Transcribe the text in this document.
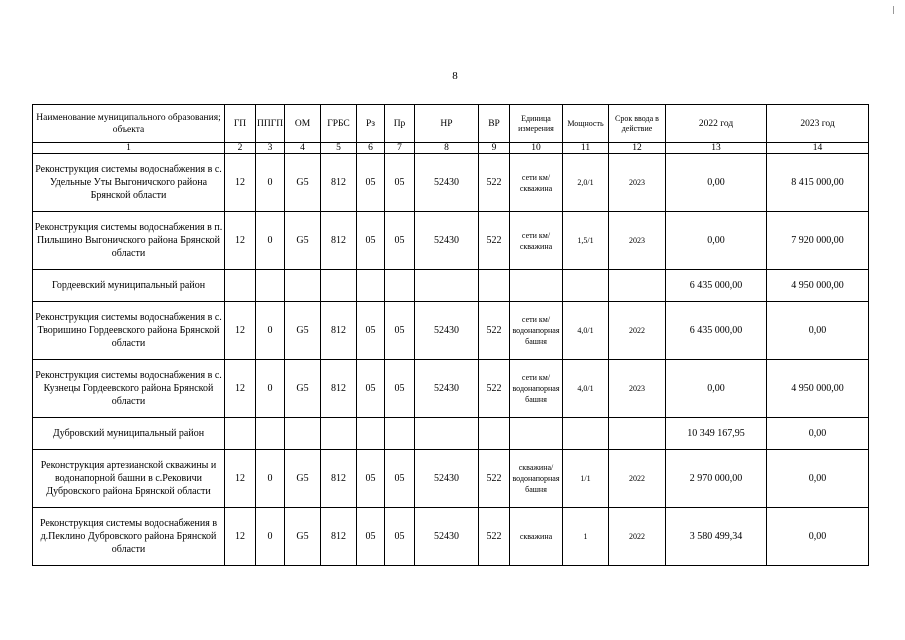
8
Наименование муниципального образования; объекта	ГП	ППГП	ОМ	ГРБС	Рз	Пр	НР	ВР	Единица измерения	Мощность	Срок ввода в действие	2022 год	2023 год
1	2	3	4	5	6	7	8	9	10	11	12	13	14
Реконструкция системы водоснабжения в с. Удельные Уты Выгоничского района Брянской области	12	0	G5	812	05	05	52430	522	сети км/скважина	2,0/1	2023	0,00	8 415 000,00
Реконструкция системы водоснабжения в п. Пильшино Выгоничского района Брянской области	12	0	G5	812	05	05	52430	522	сети км/скважина	1,5/1	2023	0,00	7 920 000,00
Гордеевский муниципальный район												6 435 000,00	4 950 000,00
Реконструкция системы водоснабжения в с. Творишино Гордеевского района Брянской области	12	0	G5	812	05	05	52430	522	сети км/водонапорная башня	4,0/1	2022	6 435 000,00	0,00
Реконструкция системы водоснабжения в с. Кузнецы Гордеевского района Брянской области	12	0	G5	812	05	05	52430	522	сети км/водонапорная башня	4,0/1	2023	0,00	4 950 000,00
Дубровский муниципальный район												10 349 167,95	0,00
Реконструкция артезианской скважины и водонапорной башни в с.Рековичи Дубровского района Брянской области	12	0	G5	812	05	05	52430	522	скважина/водонапорная башня	1/1	2022	2 970 000,00	0,00
Реконструкция системы водоснабжения в д.Пеклино Дубровского района Брянской области	12	0	G5	812	05	05	52430	522	скважина	1	2022	3 580 499,34	0,00
